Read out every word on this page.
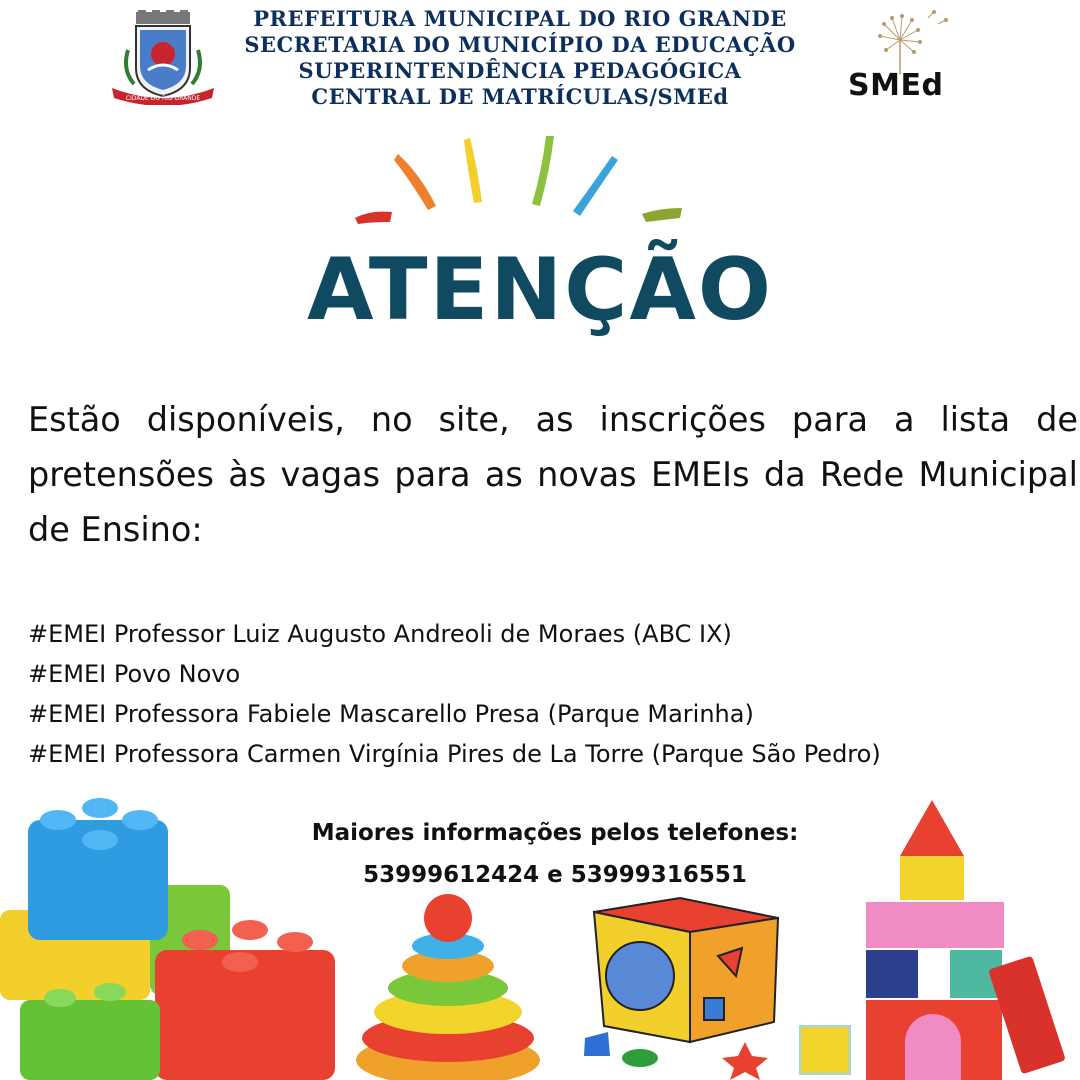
CIDADE DO RIO GRANDE
PREFEITURA MUNICIPAL DO RIO GRANDE
SECRETARIA DO MUNICÍPIO DA EDUCAÇÃO
SUPERINTENDÊNCIA PEDAGÓGICA
CENTRAL DE MATRÍCULAS/SMEd	SMEd
ATENÇÃO
Estão disponíveis, no site, as inscrições para a lista de pretensões às vagas para as novas EMEIs da Rede Municipal de Ensino:
#EMEI Professor Luiz Augusto Andreoli de Moraes (ABC IX)
#EMEI Povo Novo
#EMEI Professora Fabiele Mascarello Presa (Parque Marinha)
#EMEI Professora Carmen Virgínia Pires de La Torre (Parque São Pedro)
Maiores informações pelos telefones:
53999612424 e 53999316551
